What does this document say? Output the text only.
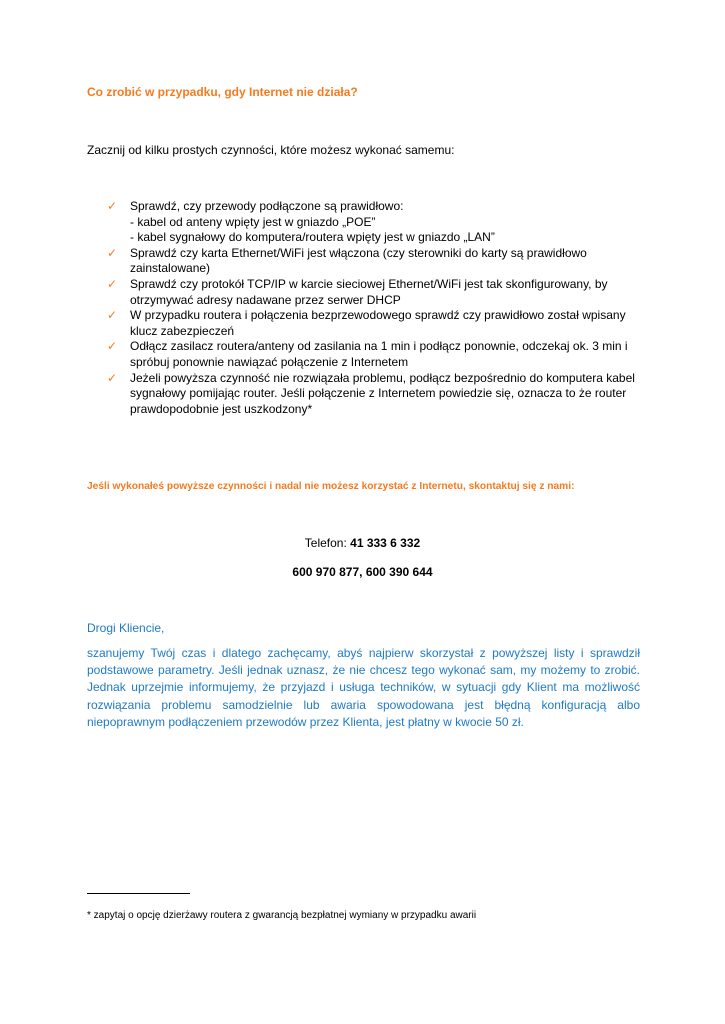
Co zrobić w przypadku, gdy Internet nie działa?
Zacznij od kilku prostych czynności, które możesz wykonać samemu:
✓ Sprawdź, czy przewody podłączone są prawidłowo:
- kabel od anteny wpięty jest w gniazdo „POE”
- kabel sygnałowy do komputera/routera wpięty jest w gniazdo „LAN”
✓ Sprawdź czy karta Ethernet/WiFi jest włączona (czy sterowniki do karty są prawidłowo zainstalowane)
✓ Sprawdź czy protokół TCP/IP w karcie sieciowej Ethernet/WiFi jest tak skonfigurowany, by otrzymywać adresy nadawane przez serwer DHCP
✓ W przypadku routera i połączenia bezprzewodowego sprawdź czy prawidłowo został wpisany klucz zabezpieczeń
✓ Odłącz zasilacz routera/anteny od zasilania na 1 min i podłącz ponownie, odczekaj ok. 3 min i spróbuj ponownie nawiązać połączenie z Internetem
✓ Jeżeli powyższa czynność nie rozwiązała problemu, podłącz bezpośrednio do komputera kabel sygnałowy pomijając router. Jeśli połączenie z Internetem powiedzie się, oznacza to że router prawdopodobnie jest uszkodzony*
Jeśli wykonałeś powyższe czynności i nadal nie możesz korzystać z Internetu, skontaktuj się z nami:
Telefon: 41 333 6 332
600 970 877, 600 390 644
Drogi Kliencie,
szanujemy Twój czas i dlatego zachęcamy, abyś najpierw skorzystał z powyższej listy i sprawdził podstawowe parametry. Jeśli jednak uznasz, że nie chcesz tego wykonać sam, my możemy to zrobić. Jednak uprzejmie informujemy, że przyjazd i usługa techników, w sytuacji gdy Klient ma możliwość rozwiązania problemu samodzielnie lub awaria spowodowana jest błędną konfiguracją albo niepoprawnym podłączeniem przewodów przez Klienta, jest płatny w kwocie 50 zł.
* zapytaj o opcję dzierżawy routera z gwarancją bezpłatnej wymiany w przypadku awarii
